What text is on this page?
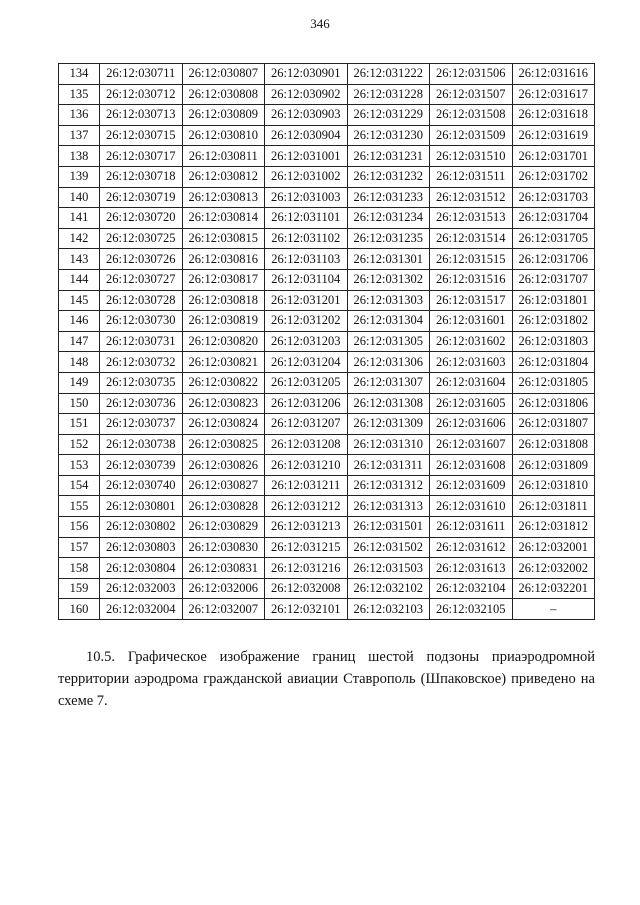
346
134	26:12:030711	26:12:030807	26:12:030901	26:12:031222	26:12:031506	26:12:031616
135	26:12:030712	26:12:030808	26:12:030902	26:12:031228	26:12:031507	26:12:031617
136	26:12:030713	26:12:030809	26:12:030903	26:12:031229	26:12:031508	26:12:031618
137	26:12:030715	26:12:030810	26:12:030904	26:12:031230	26:12:031509	26:12:031619
138	26:12:030717	26:12:030811	26:12:031001	26:12:031231	26:12:031510	26:12:031701
139	26:12:030718	26:12:030812	26:12:031002	26:12:031232	26:12:031511	26:12:031702
140	26:12:030719	26:12:030813	26:12:031003	26:12:031233	26:12:031512	26:12:031703
141	26:12:030720	26:12:030814	26:12:031101	26:12:031234	26:12:031513	26:12:031704
142	26:12:030725	26:12:030815	26:12:031102	26:12:031235	26:12:031514	26:12:031705
143	26:12:030726	26:12:030816	26:12:031103	26:12:031301	26:12:031515	26:12:031706
144	26:12:030727	26:12:030817	26:12:031104	26:12:031302	26:12:031516	26:12:031707
145	26:12:030728	26:12:030818	26:12:031201	26:12:031303	26:12:031517	26:12:031801
146	26:12:030730	26:12:030819	26:12:031202	26:12:031304	26:12:031601	26:12:031802
147	26:12:030731	26:12:030820	26:12:031203	26:12:031305	26:12:031602	26:12:031803
148	26:12:030732	26:12:030821	26:12:031204	26:12:031306	26:12:031603	26:12:031804
149	26:12:030735	26:12:030822	26:12:031205	26:12:031307	26:12:031604	26:12:031805
150	26:12:030736	26:12:030823	26:12:031206	26:12:031308	26:12:031605	26:12:031806
151	26:12:030737	26:12:030824	26:12:031207	26:12:031309	26:12:031606	26:12:031807
152	26:12:030738	26:12:030825	26:12:031208	26:12:031310	26:12:031607	26:12:031808
153	26:12:030739	26:12:030826	26:12:031210	26:12:031311	26:12:031608	26:12:031809
154	26:12:030740	26:12:030827	26:12:031211	26:12:031312	26:12:031609	26:12:031810
155	26:12:030801	26:12:030828	26:12:031212	26:12:031313	26:12:031610	26:12:031811
156	26:12:030802	26:12:030829	26:12:031213	26:12:031501	26:12:031611	26:12:031812
157	26:12:030803	26:12:030830	26:12:031215	26:12:031502	26:12:031612	26:12:032001
158	26:12:030804	26:12:030831	26:12:031216	26:12:031503	26:12:031613	26:12:032002
159	26:12:032003	26:12:032006	26:12:032008	26:12:032102	26:12:032104	26:12:032201
160	26:12:032004	26:12:032007	26:12:032101	26:12:032103	26:12:032105	–
10.5. Графическое изображение границ шестой подзоны приаэродромной территории аэродрома гражданской авиации Ставрополь (Шпаковское) приведено на схеме 7.
